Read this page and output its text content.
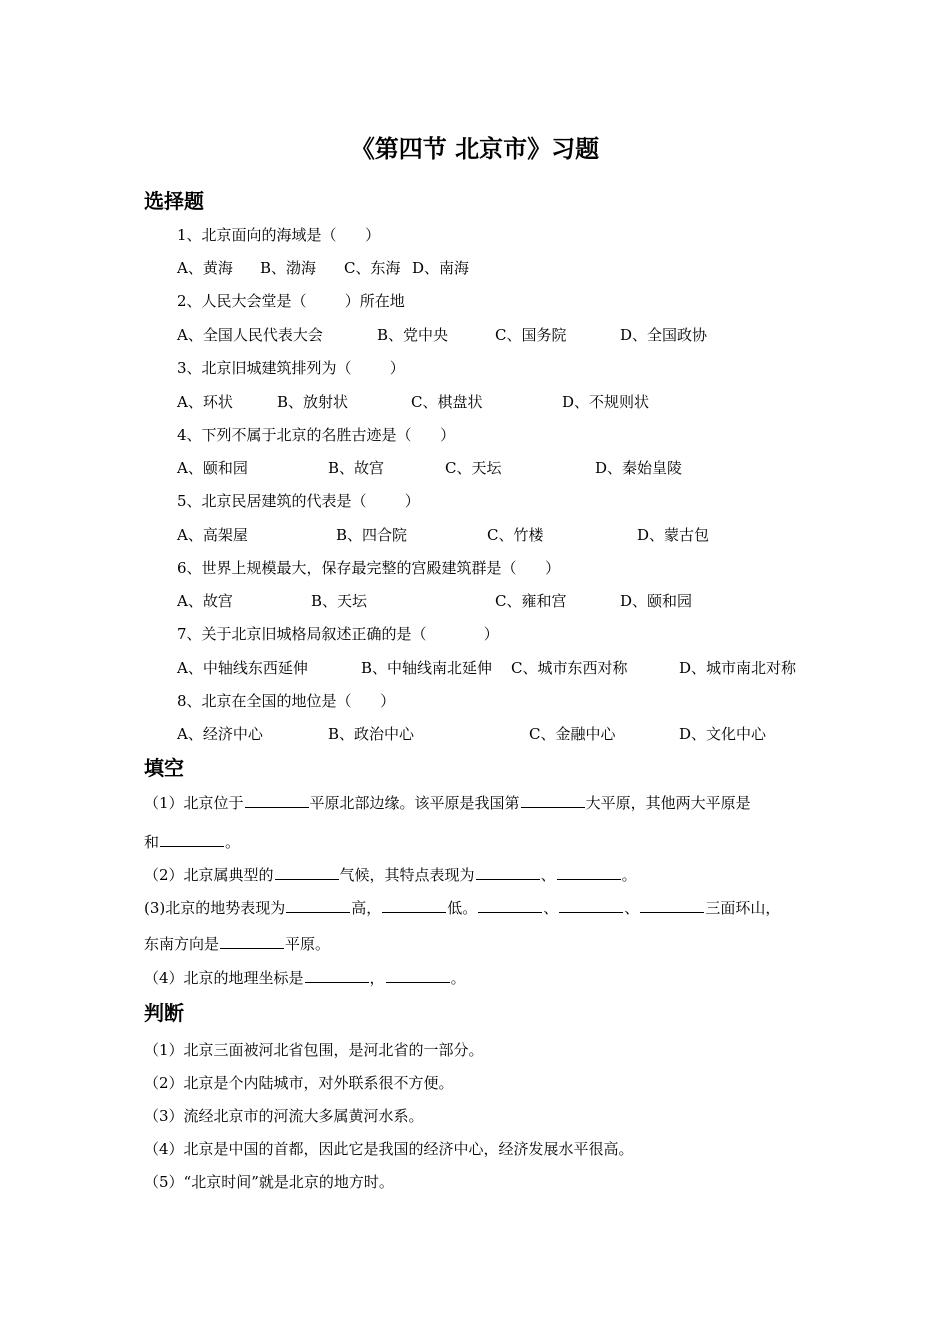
《第四节 北京市》习题
选择题
1、北京面向的海域是（      ）

A、黄海

B、渤海

C、东海

D、南海

2、人民大会堂是（        ）所在地

A、全国人民代表大会

	B、党中央

	C、国务院

	D、全国政协

3、北京旧城建筑排列为（        ）

A、环状

	B、放射状

	C、棋盘状

	D、不规则状

4、下列不属于北京的名胜古迹是（      ）

A、颐和园

	B、故宫

	C、天坛

	D、秦始皇陵

5、北京民居建筑的代表是（        ）

A、高架屋

	B、四合院

	C、竹楼

	D、蒙古包

6、世界上规模最大，保存最完整的宫殿建筑群是（      ）

A、故宫

	B、天坛

	C、雍和宫

	D、颐和园

7、关于北京旧城格局叙述正确的是（            ）

A、中轴线东西延伸

	B、中轴线南北延伸

C、城市东西对称

	D、城市南北对称

8、北京在全国的地位是（      ）

A、经济中心

	B、政治中心

	C、金融中心

	D、文化中心

填空
（1）北京位于	平原北部边缘。该平原是我国第	大平原，其他两大平原是
和	。
（2）北京属典型的	气候，其特点表现为	、	。
(3)北京的地势表现为	高，	低。	、	、	三面环山，
东南方向是	平原。
（4）北京的地理坐标是	，	。
判断
（1）北京三面被河北省包围，是河北省的一部分。
（2）北京是个内陆城市，对外联系很不方便。
（3）流经北京市的河流大多属黄河水系。
（4）北京是中国的首都，因此它是我国的经济中心，经济发展水平很高。
（5）“北京时间”就是北京的地方时。
